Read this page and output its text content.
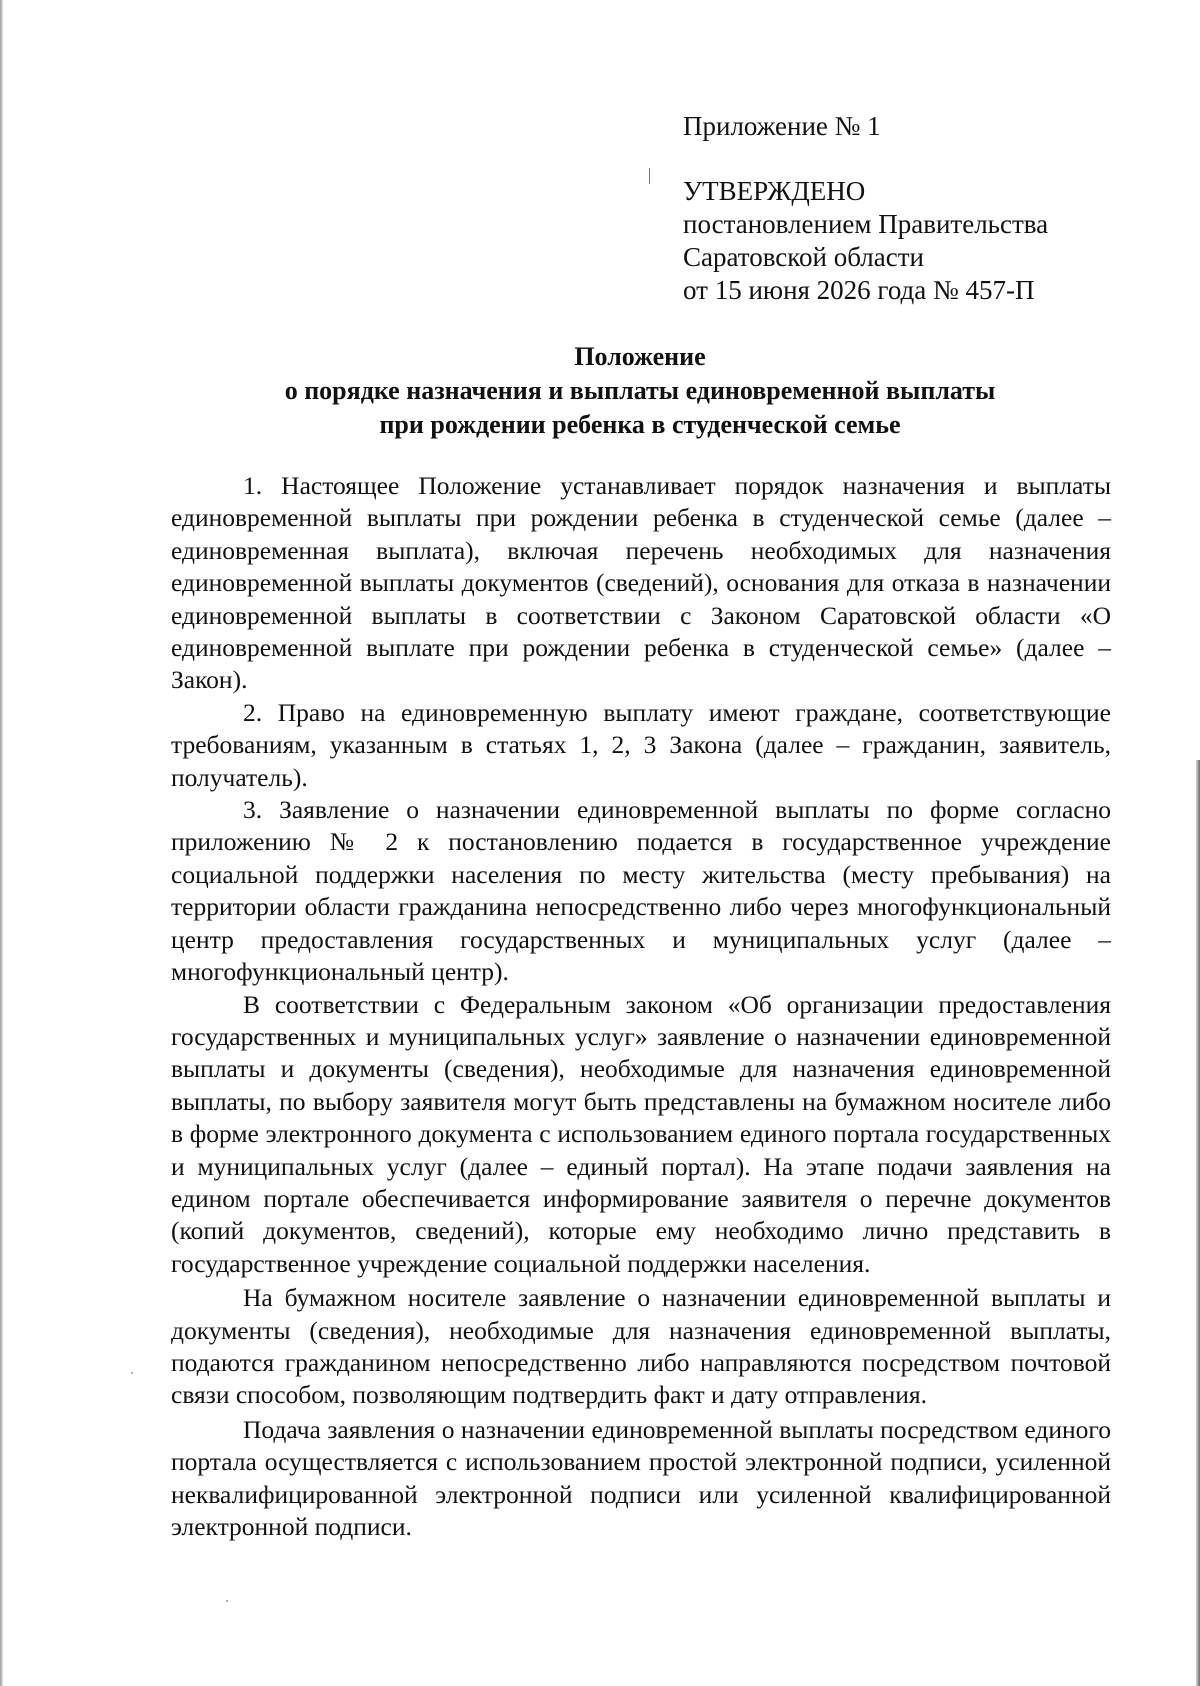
Приложение № 1
УТВЕРЖДЕНО
постановлением Правительства
Саратовской области
от 15 июня 2026 года № 457-П
Положение
о порядке назначения и выплаты единовременной выплаты
при рождении ребенка в студенческой семье

1. Настоящее Положение устанавливает порядок назначения и выплаты единовременной выплаты при рождении ребенка в студенческой семье (далее – единовременная выплата), включая перечень необходимых для назначения единовременной выплаты документов (сведений), основания для отказа в назначении единовременной выплаты в соответствии с Законом Саратовской области «О единовременной выплате при рождении ребенка в студенческой семье» (далее – Закон).

2. Право на единовременную выплату имеют граждане, соответствующие требованиям, указанным в статьях 1, 2, 3 Закона (далее – гражданин, заявитель, получатель).

3. Заявление о назначении единовременной выплаты по форме согласно приложению № 2 к постановлению подается в государственное учреждение социальной поддержки населения по месту жительства (месту пребывания) на территории области гражданина непосредственно либо через многофункциональный центр предоставления государственных и муниципальных услуг (далее – многофункциональный центр).

В соответствии с Федеральным законом «Об организации предоставления государственных и муниципальных услуг» заявление о назначении единовременной выплаты и документы (сведения), необходимые для назначения единовременной выплаты, по выбору заявителя могут быть представлены на бумажном носителе либо в форме электронного документа с использованием единого портала государственных и муниципальных услуг (далее – единый портал). На этапе подачи заявления на едином портале обеспечивается информирование заявителя о перечне документов (копий документов, сведений), которые ему необходимо лично представить в государственное учреждение социальной поддержки населения.

На бумажном носителе заявление о назначении единовременной выплаты и документы (сведения), необходимые для назначения единовременной выплаты, подаются гражданином непосредственно либо направляются посредством почтовой связи способом, позволяющим подтвердить факт и дату отправления.

Подача заявления о назначении единовременной выплаты посредством единого портала осуществляется с использованием простой электронной подписи, усиленной неквалифицированной электронной подписи или усиленной квалифицированной электронной подписи.
